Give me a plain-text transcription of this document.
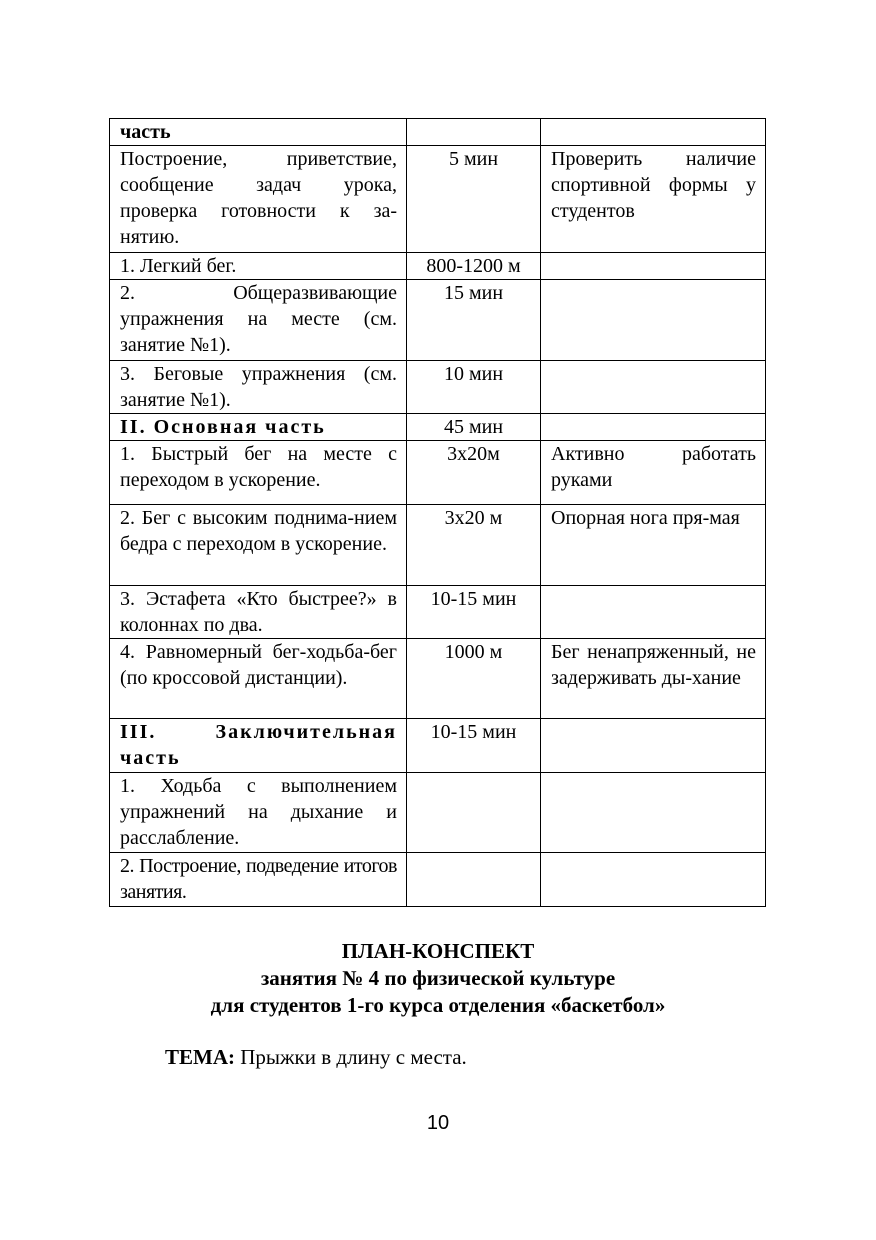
часть		
Построение, приветствие, сообщение задач урока, проверка готовности к за-нятию.	5 мин	Проверить наличие спортивной формы у студентов
1. Легкий бег.	800-1200 м	
2. Общеразвивающие упражнения на месте (см. занятие №1).	15 мин	
3. Беговые упражнения (см. занятие №1).	10 мин	
II. Основная часть	45 мин	
1. Быстрый бег на месте с переходом в ускорение.	3х20м	Активно работать руками
2. Бег с высоким поднима-нием бедра с переходом в ускорение.	3х20 м	Опорная нога пря-мая
3. Эстафета «Кто быстрее?» в колоннах по два.	10-15 мин	
4. Равномерный бег-ходьба-бег (по кроссовой дистанции).	1000 м	Бег ненапряженный, не задерживать ды-хание
III. Заключительная часть	10-15 мин	
1. Ходьба с выполнением упражнений на дыхание и расслабление.		
2. Построение, подведение итогов занятия.		
ПЛАН-КОНСПЕКТ
занятия № 4 по физической культуре
для студентов 1-го курса отделения «баскетбол»
ТЕМА: Прыжки в длину с места.
10
